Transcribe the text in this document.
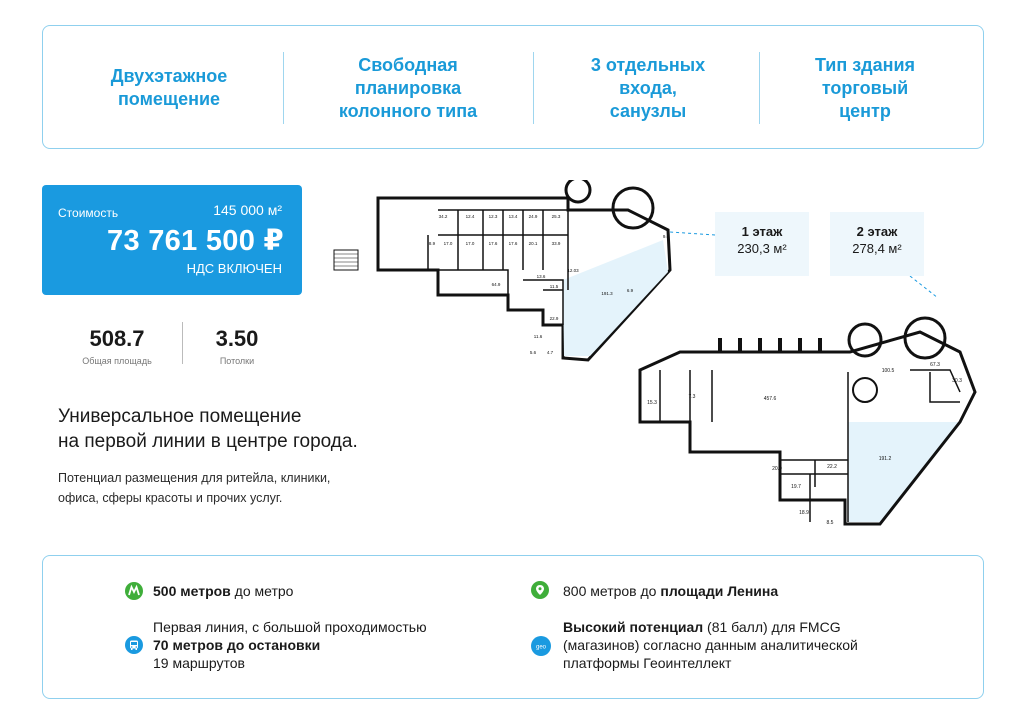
Двухэтажное
помещение
Свободная
планировка
колонного типа
3 отдельных
входа,
санузлы
Тип здания
торговый
центр
Стоимость	145 000 м²
73 761 500 ₽
НДС ВКЛЮЧЕН
508.7
Общая площадь
3.50
Потолки
Универсальное помещение
на первой линии в центре города.
Потенциал размещения для ритейла, клиники,
офиса, сферы красоты и прочих услуг.
34.2	12.4	12.3 13.4 24.9	25.3
8.9 17.0	17.0	17.6 17.6 20.1	33.9
64.9
13.6
11.5
191.3
6.9
9.6
22.9
11.6
5.6 4.7
12.03
457.6
100.5
67.3
30.3
15.3
7.3
191.2
20.0	22.2
19.7
18.9
8.5
1 этаж
230,3 м²
2 этаж
278,4 м²
500 метров до метро	800 метров до площади Ленина
Первая линия, с большой проходимостью
70 метров до остановки
19 маршрутов
geo
Высокий потенциал (81 балл) для FMCG
(магазинов) согласно данным аналитической
платформы Геоинтеллект
